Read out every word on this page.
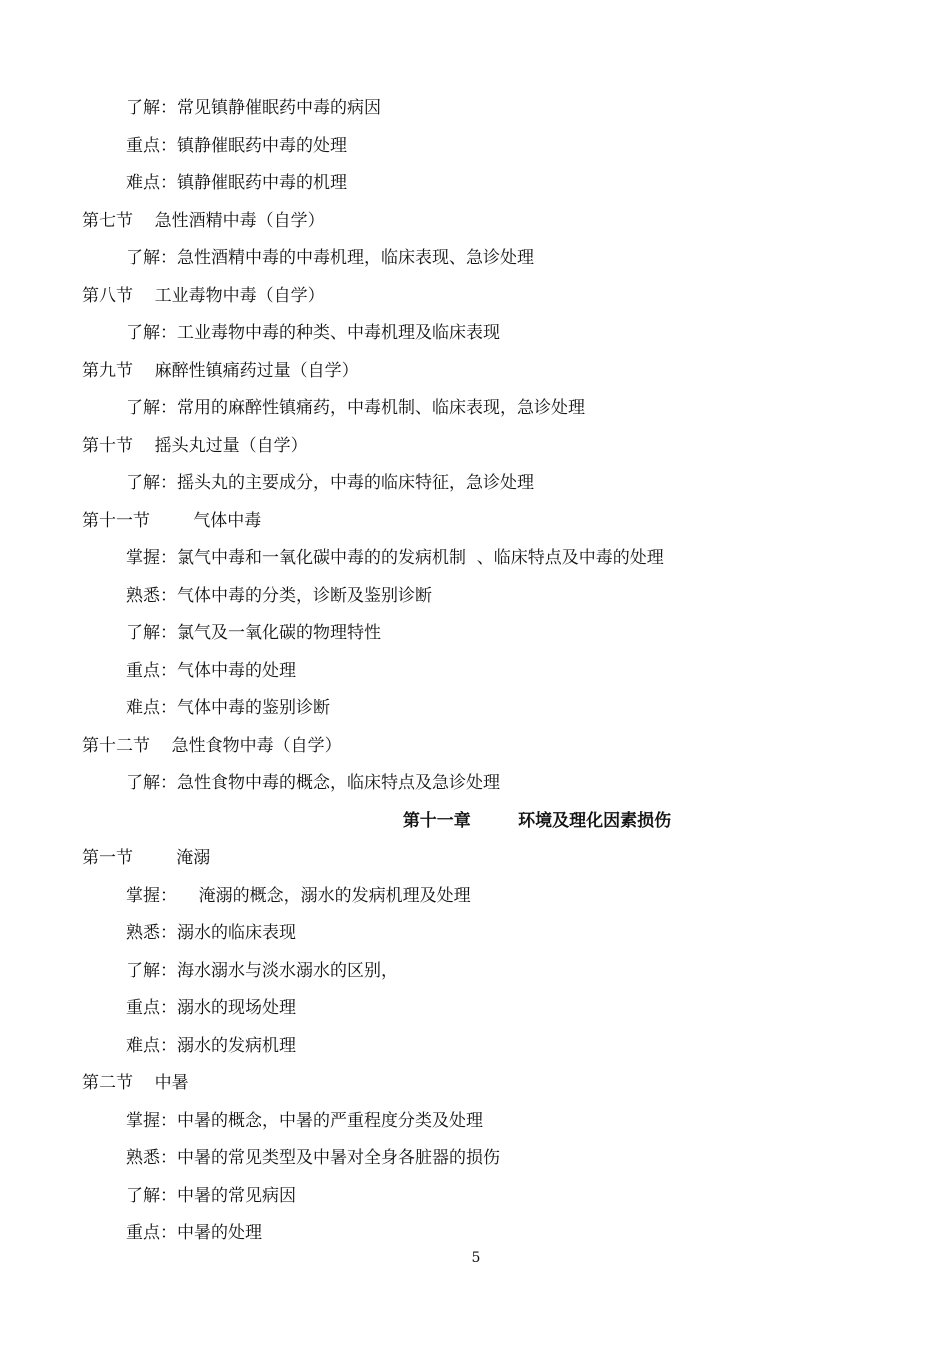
了解：常见镇静催眠药中毒的病因
重点：镇静催眠药中毒的处理
难点：镇静催眠药中毒的机理
第七节    急性酒精中毒（自学）
了解：急性酒精中毒的中毒机理，临床表现、急诊处理
第八节    工业毒物中毒（自学）
了解：工业毒物中毒的种类、中毒机理及临床表现
第九节    麻醉性镇痛药过量（自学）
了解：常用的麻醉性镇痛药，中毒机制、临床表现，急诊处理
第十节    摇头丸过量（自学）
了解：摇头丸的主要成分，中毒的临床特征，急诊处理
第十一节        气体中毒
掌握：氯气中毒和一氧化碳中毒的的发病机制  、临床特点及中毒的处理
熟悉：气体中毒的分类，诊断及鉴别诊断
了解：氯气及一氧化碳的物理特性
重点：气体中毒的处理
难点：气体中毒的鉴别诊断
第十二节    急性食物中毒（自学）
了解：急性食物中毒的概念，临床特点及急诊处理
第十一章        环境及理化因素损伤
第一节        淹溺
掌握：    淹溺的概念，溺水的发病机理及处理
熟悉：溺水的临床表现
了解：海水溺水与淡水溺水的区别，
重点：溺水的现场处理
难点：溺水的发病机理
第二节    中暑
掌握：中暑的概念，中暑的严重程度分类及处理
熟悉：中暑的常见类型及中暑对全身各脏器的损伤
了解：中暑的常见病因
重点：中暑的处理
5
